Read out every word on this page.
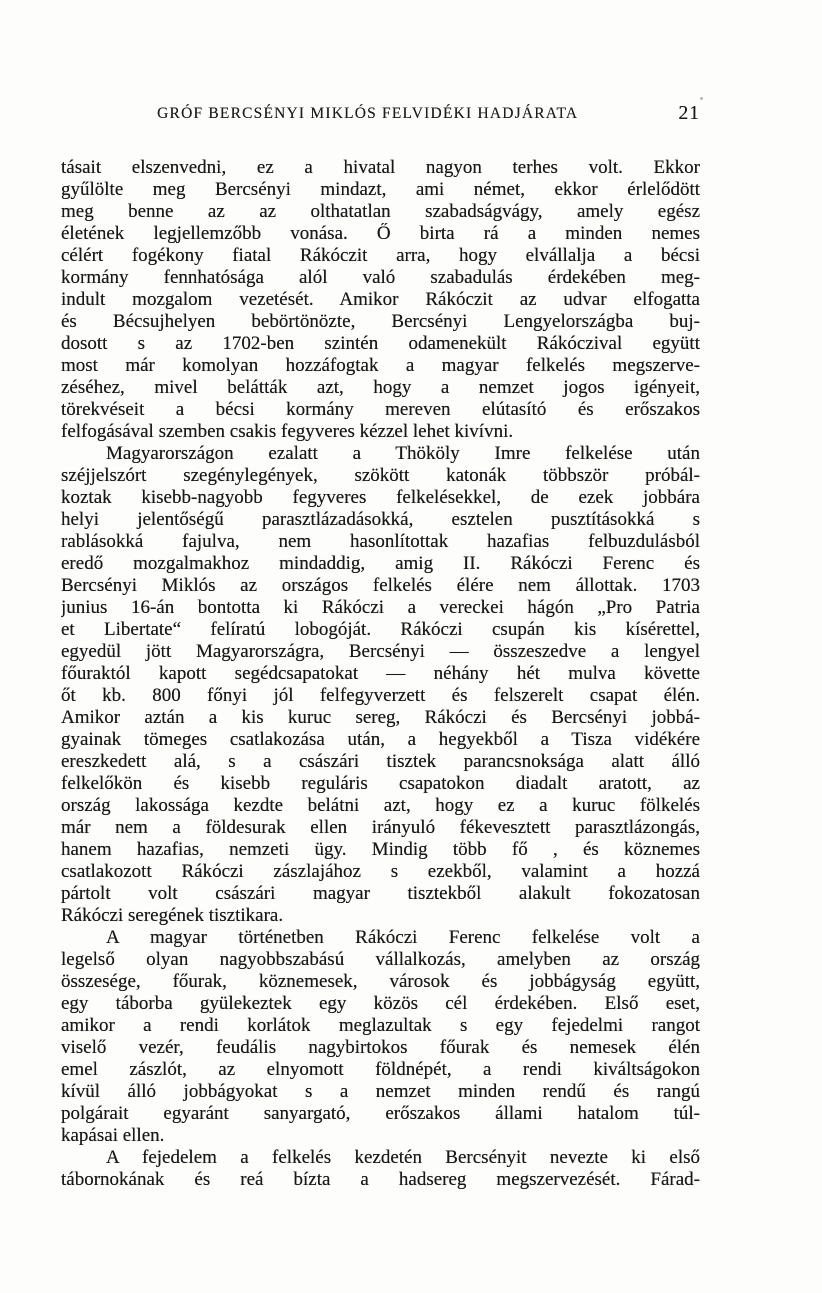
GRÓF BERCSÉNYI MIKLÓS FELVIDÉKI HADJÁRATA	21
tásait elszenvedni, ez a hivatal nagyon terhes volt. Ekkor
gyűlölte meg Bercsényi mindazt, ami német, ekkor érlelődött
meg benne az az olthatatlan szabadságvágy, amely egész
életének legjellemzőbb vonása. Ő birta rá a minden nemes
célért fogékony fiatal Rákóczit arra, hogy elvállalja a bécsi
kormány fennhatósága alól való szabadulás érdekében meg-
indult mozgalom vezetését. Amikor Rákóczit az udvar elfogatta
és Bécsujhelyen bebörtönözte, Bercsényi Lengyelországba buj-
dosott s az 1702-ben szintén odamenekült Rákóczival együtt
most már komolyan hozzáfogtak a magyar felkelés megszerve-
zéséhez, mivel belátták azt, hogy a nemzet jogos igényeit,
törekvéseit a bécsi kormány mereven elútasító és erőszakos
felfogásával szemben csakis fegyveres kézzel lehet kivívni.
Magyarországon ezalatt a Thököly Imre felkelése után
széjjelszórt szegénylegények, szökött katonák többször próbál-
koztak kisebb-nagyobb fegyveres felkelésekkel, de ezek jobbára
helyi jelentőségű parasztlázadásokká, esztelen pusztításokká s
rablásokká fajulva, nem hasonlítottak hazafias felbuzdulásból
eredő mozgalmakhoz mindaddig, amig II. Rákóczi Ferenc és
Bercsényi Miklós az országos felkelés élére nem állottak. 1703
junius 16-án bontotta ki Rákóczi a vereckei hágón „Pro Patria
et Libertate“ felíratú lobogóját. Rákóczi csupán kis kísérettel,
egyedül jött Magyarországra, Bercsényi — összeszedve a lengyel
főuraktól kapott segédcsapatokat — néhány hét mulva követte
őt kb. 800 főnyi jól felfegyverzett és felszerelt csapat élén.
Amikor aztán a kis kuruc sereg, Rákóczi és Bercsényi jobbá-
gyainak tömeges csatlakozása után, a hegyekből a Tisza vidékére
ereszkedett alá, s a császári tisztek parancsnoksága alatt álló
felkelőkön és kisebb reguláris csapatokon diadalt aratott, az
ország lakossága kezdte belátni azt, hogy ez a kuruc fölkelés
már nem a földesurak ellen irányuló fékevesztett parasztlázongás,
hanem hazafias, nemzeti ügy. Mindig több fő , és köznemes
csatlakozott Rákóczi zászlajához s ezekből, valamint a hozzá
pártolt volt császári magyar tisztekből alakult fokozatosan
Rákóczi seregének tisztikara.
A magyar történetben Rákóczi Ferenc felkelése volt a
legelső olyan nagyobbszabású vállalkozás, amelyben az ország
összesége, főurak, köznemesek, városok és jobbágyság együtt,
egy táborba gyülekeztek egy közös cél érdekében. Első eset,
amikor a rendi korlátok meglazultak s egy fejedelmi rangot
viselő vezér, feudális nagybirtokos főurak és nemesek élén
emel zászlót, az elnyomott földnépét, a rendi kiváltságokon
kívül álló jobbágyokat s a nemzet minden rendű és rangú
polgárait egyaránt sanyargató, erőszakos állami hatalom túl-
kapásai ellen.
A fejedelem a felkelés kezdetén Bercsényit nevezte ki első
tábornokának és reá bízta a hadsereg megszervezését. Fárad-
